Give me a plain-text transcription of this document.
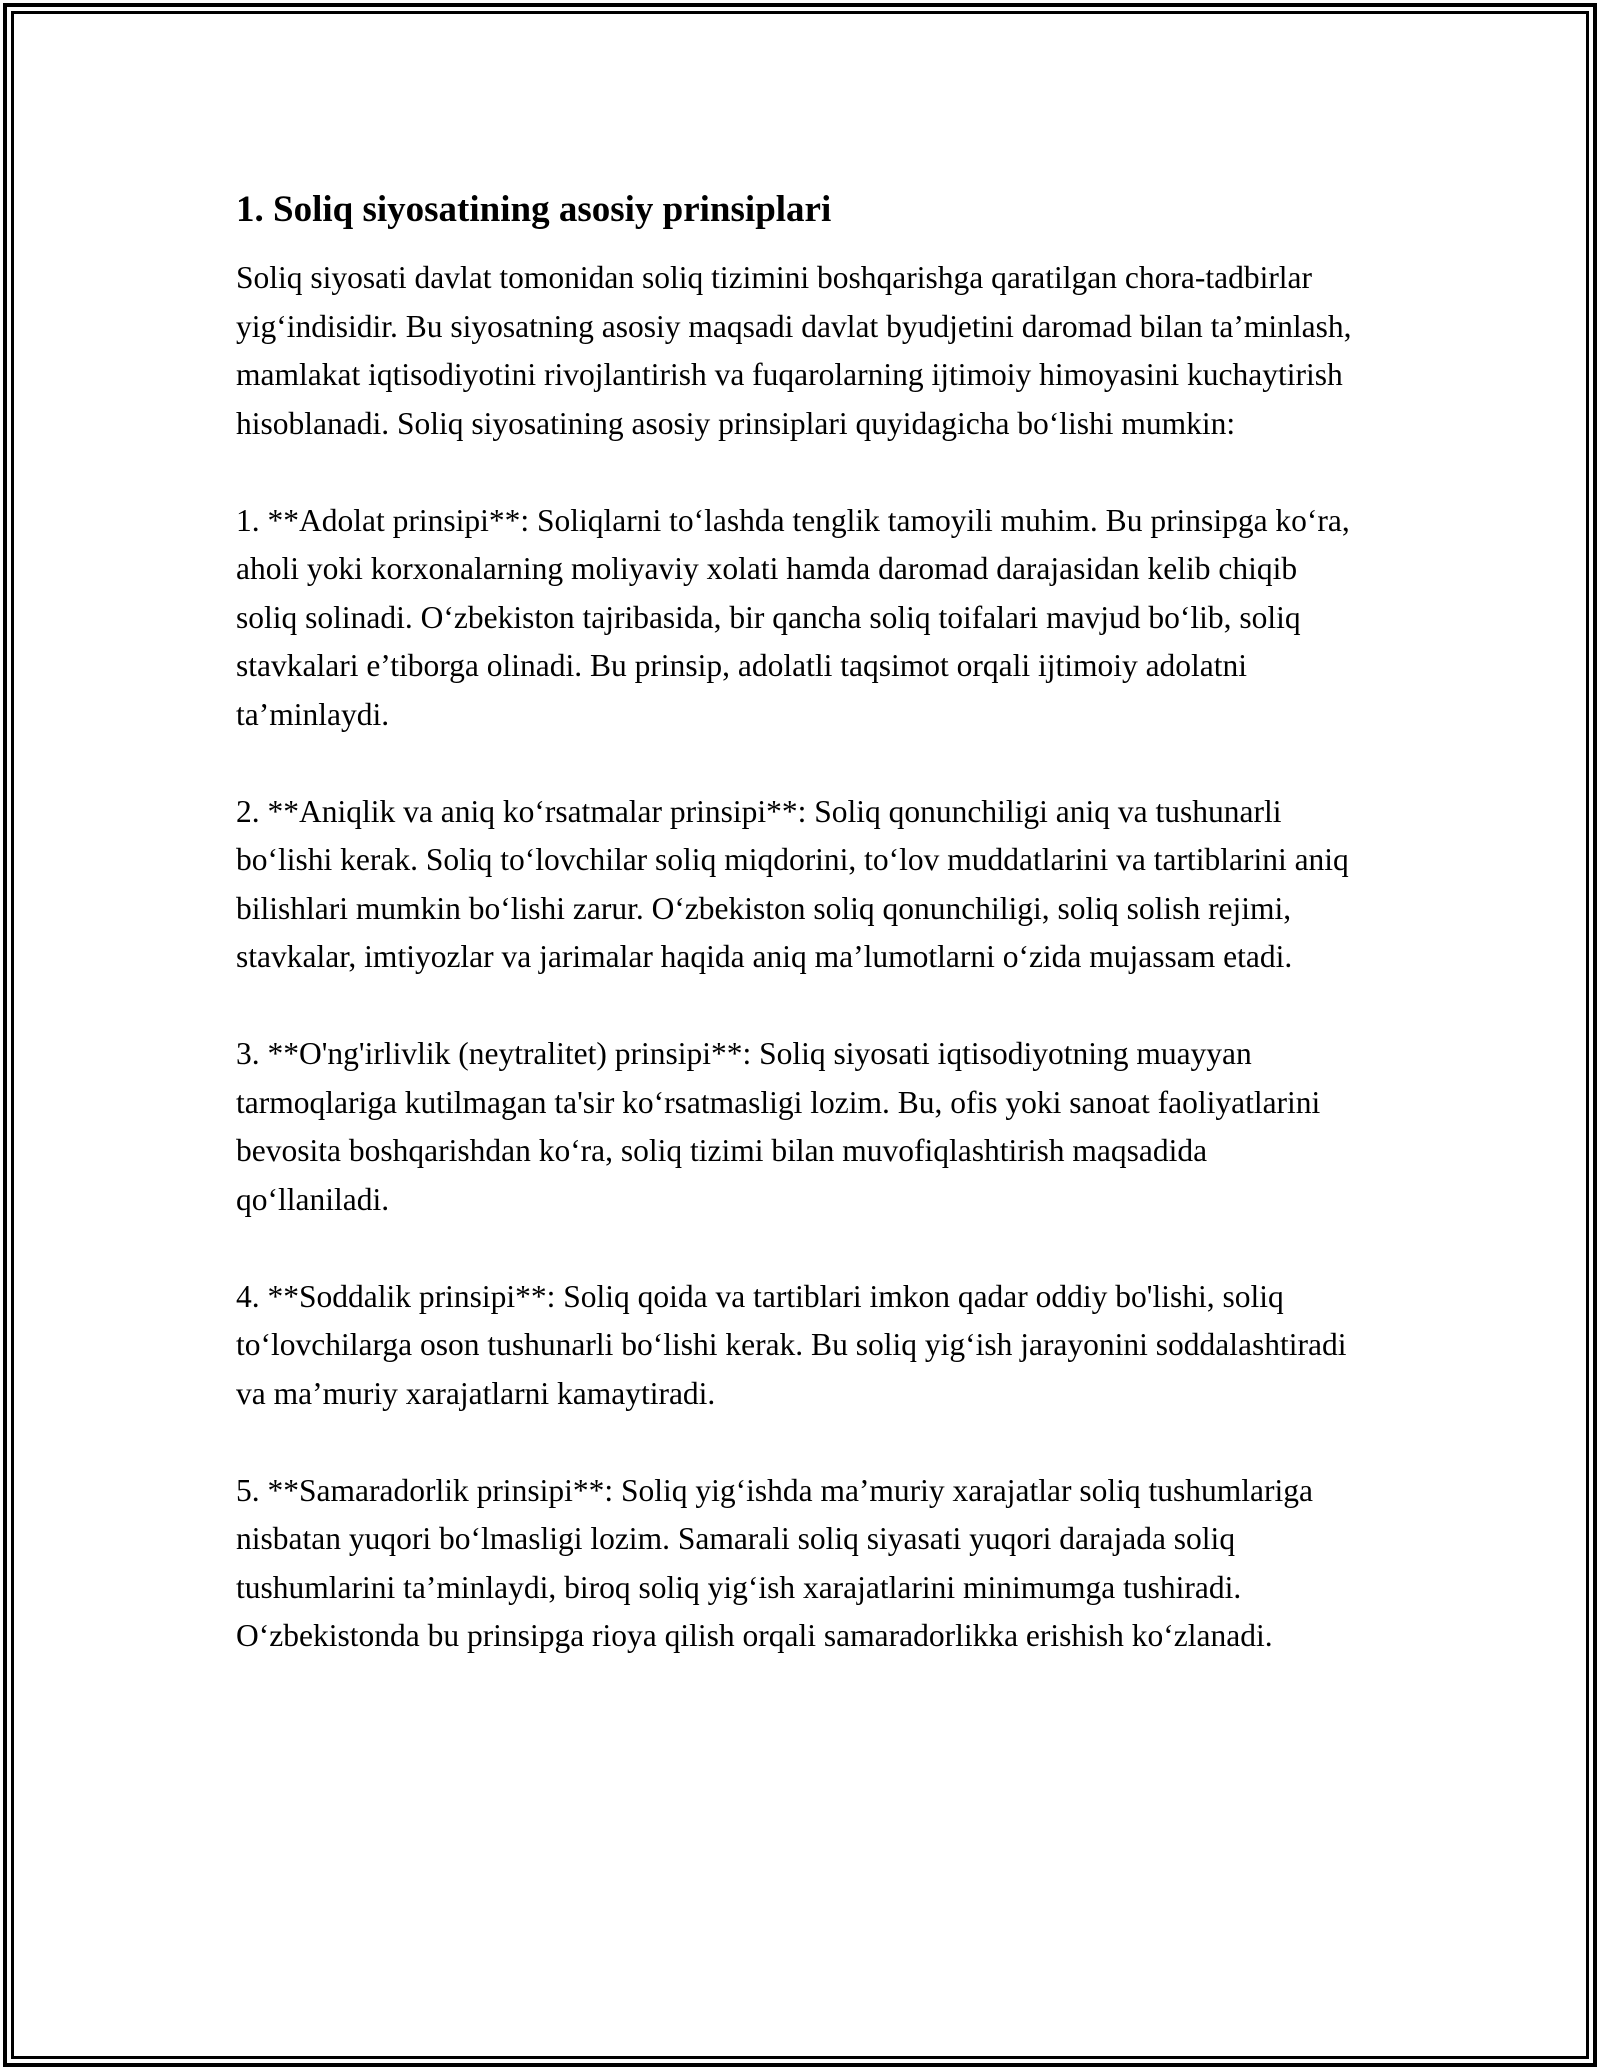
1. Soliq siyosatining asosiy prinsiplari

Soliq siyosati davlat tomonidan soliq tizimini boshqarishga qaratilgan chora-tadbirlar yig‘indisidir. Bu siyosatning asosiy maqsadi davlat byudjetini daromad bilan ta’minlash, mamlakat iqtisodiyotini rivojlantirish va fuqarolarning ijtimoiy himoyasini kuchaytirish hisoblanadi. Soliq siyosatining asosiy prinsiplari quyidagicha bo‘lishi mumkin:

1. **Adolat prinsipi**: Soliqlarni to‘lashda tenglik tamoyili muhim. Bu prinsipga ko‘ra, aholi yoki korxonalarning moliyaviy xolati hamda daromad darajasidan kelib chiqib soliq solinadi. O‘zbekiston tajribasida, bir qancha soliq toifalari mavjud bo‘lib, soliq stavkalari e’tiborga olinadi. Bu prinsip, adolatli taqsimot orqali ijtimoiy adolatni ta’minlaydi.

2. **Aniqlik va aniq ko‘rsatmalar prinsipi**: Soliq qonunchiligi aniq va tushunarli bo‘lishi kerak. Soliq to‘lovchilar soliq miqdorini, to‘lov muddatlarini va tartiblarini aniq bilishlari mumkin bo‘lishi zarur. O‘zbekiston soliq qonunchiligi, soliq solish rejimi, stavkalar, imtiyozlar va jarimalar haqida aniq ma’lumotlarni o‘zida mujassam etadi.

3. **O'ng'irlivlik (neytralitet) prinsipi**: Soliq siyosati iqtisodiyotning muayyan tarmoqlariga kutilmagan ta'sir ko‘rsatmasligi lozim. Bu, ofis yoki sanoat faoliyatlarini bevosita boshqarishdan ko‘ra, soliq tizimi bilan muvofiqlashtirish maqsadida qo‘llaniladi.

4. **Soddalik prinsipi**: Soliq qoida va tartiblari imkon qadar oddiy bo'lishi, soliq to‘lovchilarga oson tushunarli bo‘lishi kerak. Bu soliq yig‘ish jarayonini soddalashtiradi va ma’muriy xarajatlarni kamaytiradi.

5. **Samaradorlik prinsipi**: Soliq yig‘ishda ma’muriy xarajatlar soliq tushumlariga nisbatan yuqori bo‘lmasligi lozim. Samarali soliq siyasati yuqori darajada soliq tushumlarini ta’minlaydi, biroq soliq yig‘ish xarajatlarini minimumga tushiradi. O‘zbekistonda bu prinsipga rioya qilish orqali samaradorlikka erishish ko‘zlanadi.
